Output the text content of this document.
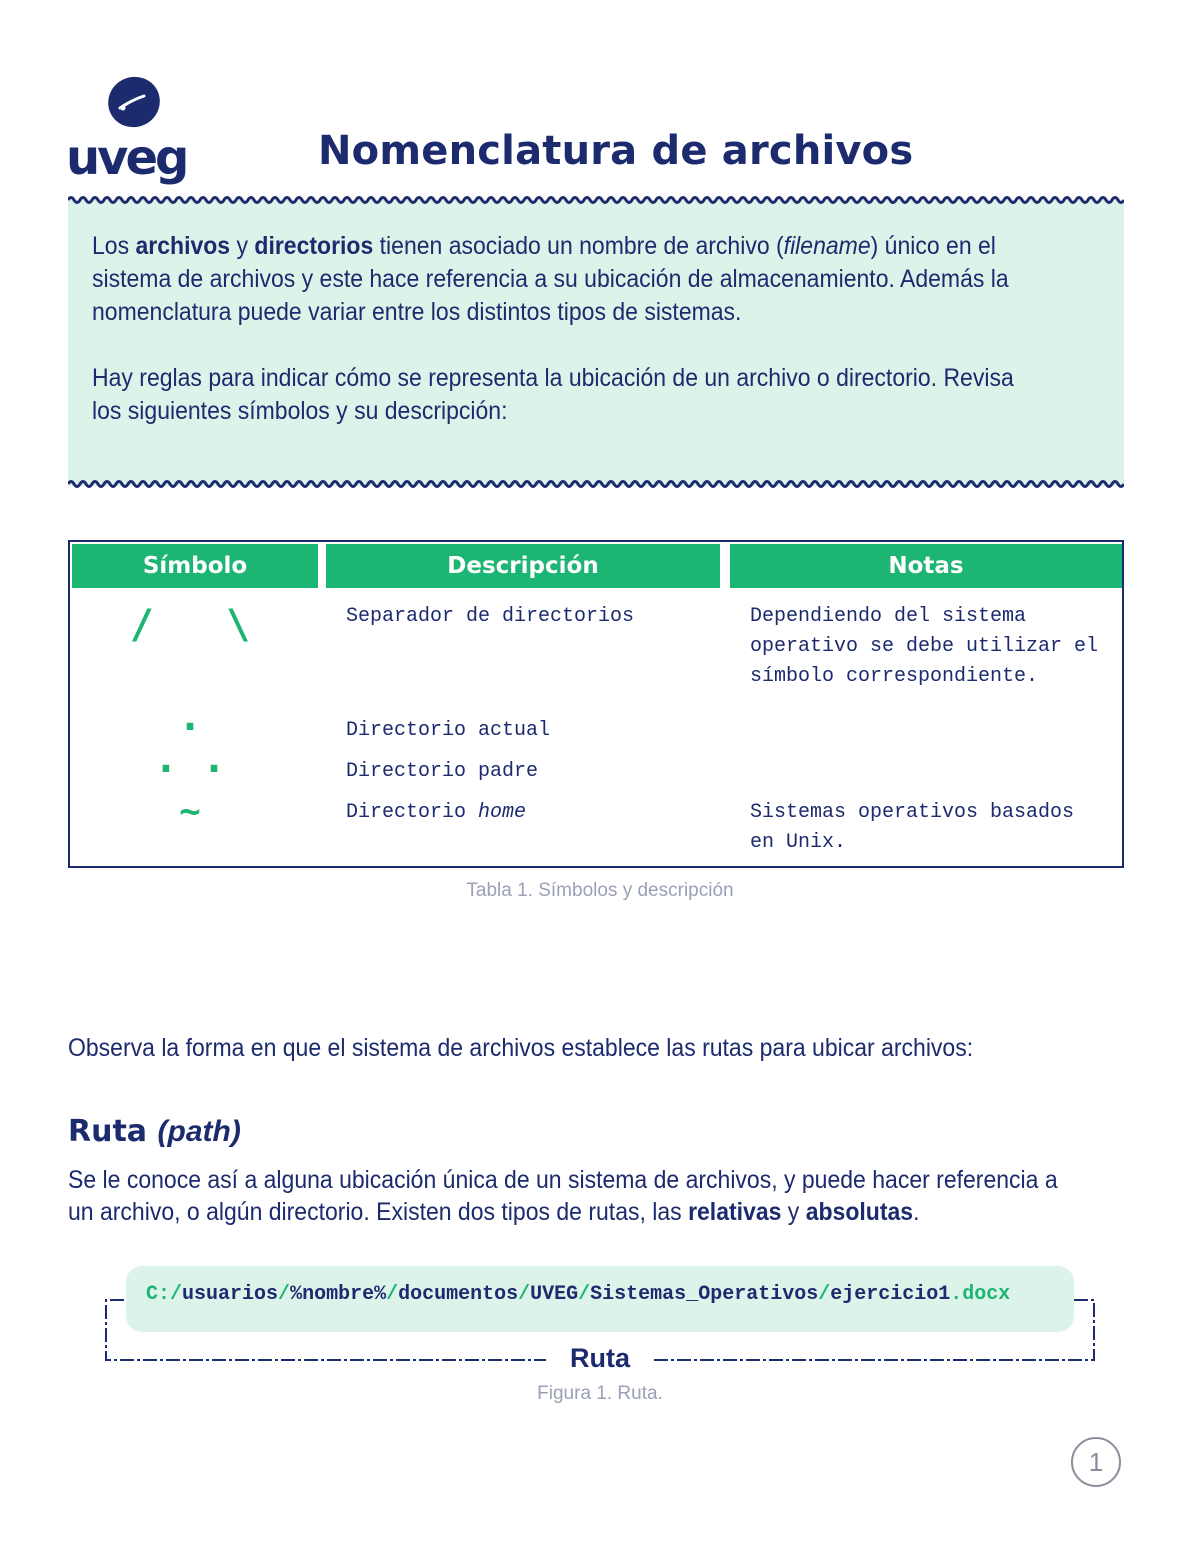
uveg	Nomenclatura de archivos
Los archivos y directorios tienen asociado un nombre de archivo (filename) único en el sistema de archivos y este hace referencia a su ubicación de almacenamiento. Además la nomenclatura puede variar entre los distintos tipos de sistemas.
Hay reglas para indicar cómo se representa la ubicación de un archivo o directorio. Revisa los siguientes símbolos y su descripción:
Símbolo	Descripción	Notas
/   \	Separador de directorios	Dependiendo del sistema operativo se debe utilizar el símbolo correspondiente.
.	Directorio actual
. .	Directorio padre
~	Directorio home	Sistemas operativos basados en Unix.
Tabla 1. Símbolos y descripción
Observa la forma en que el sistema de archivos establece las rutas para ubicar archivos:
Ruta (path)
Se le conoce así a alguna ubicación única de un sistema de archivos, y puede hacer referencia a un archivo, o algún directorio. Existen dos tipos de rutas, las relativas y absolutas.
C:/usuarios/%nombre%/documentos/UVEG/Sistemas_Operativos/ejercicio1.docx
Ruta
Figura 1. Ruta.
1
